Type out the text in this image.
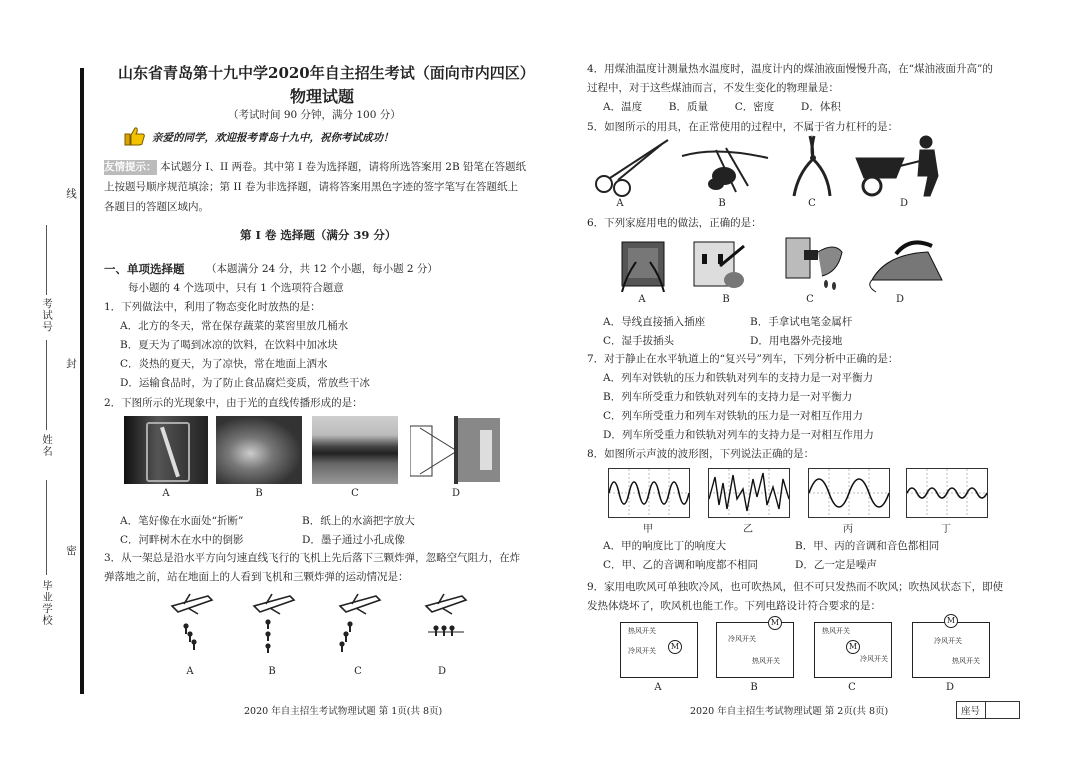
线
封
密
考试号
姓名
毕业学校
山东省青岛第十九中学2020年自主招生考试（面向市内四区）
物理试题
（考试时间 90 分钟，满分 100 分）
亲爱的同学，欢迎报考青岛十九中，祝你考试成功！
友情提示： 本试题分 I、II 两卷。其中第 I 卷为选择题，请将所选答案用 2B 铅笔在答题纸
上按题号顺序规范填涂；第 II 卷为非选择题，请将答案用黑色字迹的签字笔写在答题纸上
各题目的答题区域内。
第 I 卷 选择题（满分 39 分）
一、单项选择题 （本题满分 24 分，共 12 个小题，每小题 2 分）
每小题的 4 个选项中，只有 1 个选项符合题意
1．下列做法中，利用了物态变化时放热的是：
A．北方的冬天，常在保存蔬菜的菜窖里放几桶水
B．夏天为了喝到冰凉的饮料，在饮料中加冰块
C．炎热的夏天，为了凉快，常在地面上洒水
D．运输食品时，为了防止食品腐烂变质，常放些干冰
2．下图所示的光现象中，由于光的直线传播形成的是：
A	B	C	D
A．笔好像在水面处“折断”	B．纸上的水滴把字放大
C．河畔树木在水中的倒影	D．墨子通过小孔成像
3．从一架总是沿水平方向匀速直线飞行的飞机上先后落下三颗炸弹，忽略空气阻力，在炸
弹落地之前，站在地面上的人看到飞机和三颗炸弹的运动情况是：
A	B	C	D
2020 年自主招生考试物理试题 第 1页(共 8页)
4．用煤油温度计测量热水温度时，温度计内的煤油液面慢慢升高，在“煤油液面升高”的
过程中，对于这些煤油而言，不发生变化的物理量是：
A．温度        B．质量        C．密度        D．体积
5．如图所示的用具，在正常使用的过程中，不属于省力杠杆的是：
A	B	C	D
6．下列家庭用电的做法，正确的是：
A	B	C	D
A．导线直接插入插座	B．手拿试电笔金属杆
C．湿手拔插头	D．用电器外壳接地
7．对于静止在水平轨道上的“复兴号”列车，下列分析中正确的是：
A．列车对铁轨的压力和铁轨对列车的支持力是一对平衡力
B．列车所受重力和铁轨对列车的支持力是一对平衡力
C．列车所受重力和列车对铁轨的压力是一对相互作用力
D．列车所受重力和铁轨对列车的支持力是一对相互作用力
8．如图所示声波的波形图，下列说法正确的是：
甲	乙	丙	丁
A．甲的响度比丁的响度大	B．甲、丙的音调和音色都相同
C．甲、乙的音调和响度都不相同	D．乙一定是噪声
9．家用电吹风可单独吹冷风，也可吹热风，但不可只发热而不吹风；吹热风状态下，即使
发热体烧坏了，吹风机也能工作。下列电路设计符合要求的是：
M
热风开关
冷风开关
M
冷风开关
热风开关
M
热风开关
冷风开关
M
冷风开关
热风开关
A	B	C	D
2020 年自主招生考试物理试题 第 2页(共 8页)	座号
